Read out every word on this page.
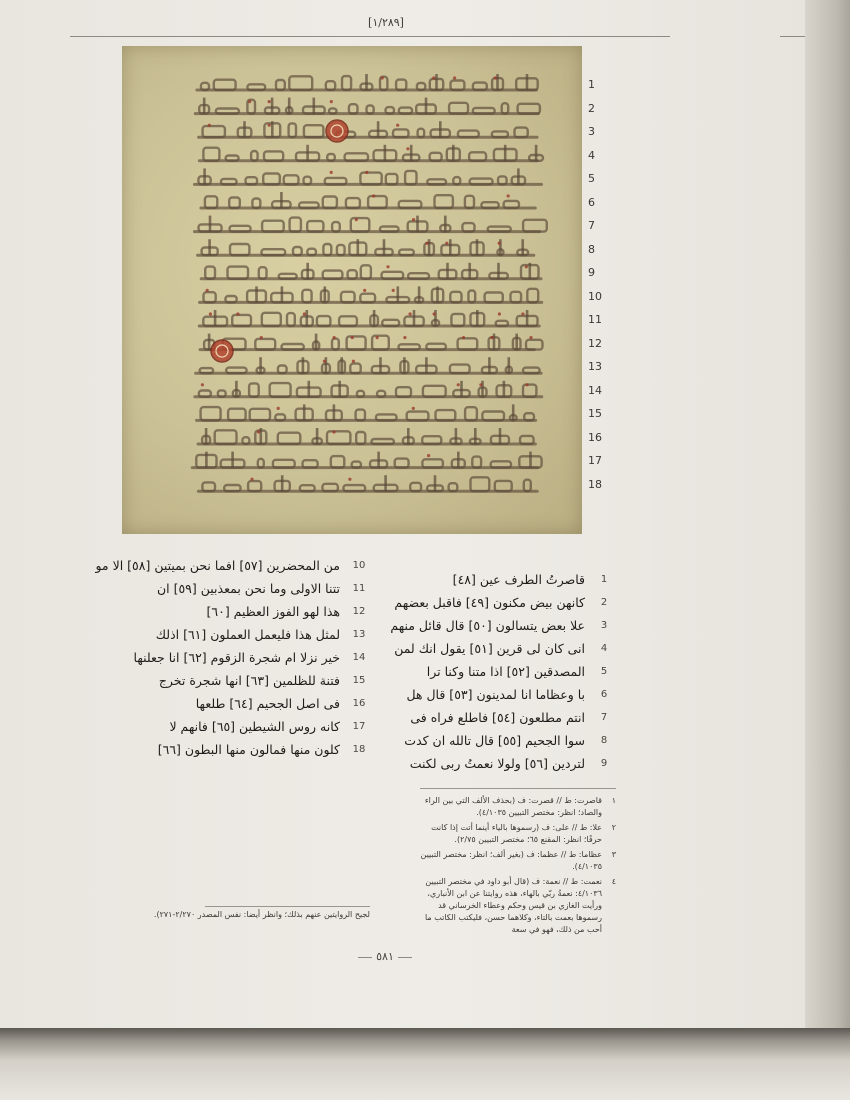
[١/٢٨٩]
1
2
3
4
5
6
7
8
9
10
11
12
13
14
15
16
17
18
1
قاصرتُ الطرف عين [٤٨]
2
كانهن بيض مكنون [٤٩] فاقبل بعضهم
3
علا بعض يتسالون [٥٠] قال قائل منهم
4
انى كان لى قرين [٥١] يقول انك لمن
5
المصدقين [٥٢] اذا متنا وكنا ترا
6
با وعظاما انا لمدينون [٥٣] قال هل
7
انتم مطلعون [٥٤] فاطلع فراه فى
8
سوا الجحيم [٥٥] قال تالله ان كدت
9
لتردين [٥٦] ولولا نعمتُ ربى لكنت
10
من المحضرين [٥٧] افما نحن بميتين [٥٨] الا مو
11
تتنا الاولى وما نحن بمعذبين [٥٩] ان
12
هذا لهو الفوز العظيم [٦٠]
13
لمثل هذا فليعمل العملون [٦١] اذلك
14
خير نزلا ام شجرة الزقوم [٦٢] انا جعلنها
15
فتنة للظلمين [٦٣] انها شجرة تخرج
16
فى اصل الجحيم [٦٤] طلعها
17
كانه روس الشيطين [٦٥] فانهم لا
18
كلون منها فمالون منها البطون [٦٦]
١
قاصرت: ط // قصرت: ف (بحذف الألف التي بين الراء والصاد؛ انظر: مختصر التبيين ٤/١٠٣٥).
٢
علا: ط // على: ف (رسموها بالياء أينما أتت إذا كانت حرفًا؛ انظر: المقنع ٦٥؛ مختصر التبيين ٢/٧٥).
٣
عظاما: ط // عظما: ف (بغير ألف؛ انظر: مختصر التبيين ٤/١٠٣٥).
٤
نعمت: ط // نعمة: ف (قال أبو داود في مختصر التبيين ٤/١٠٣٦: نعمةُ ربّي بالهاء، هذه روايتنا عن ابن الأنباري، ورأيت الغازي بن قيس وحكم وعطاء الخرساني قد رسموها بعمت بالتاء، وكلاهما حسن، فليكتب الكاتب ما أحب من ذلك، فهو في سعة
لجيح الروايتين عنهم بذلك؛ وانظر أيضا: نفس المصدر ٢/٢٧٠-٢٧١).
٥٨١
